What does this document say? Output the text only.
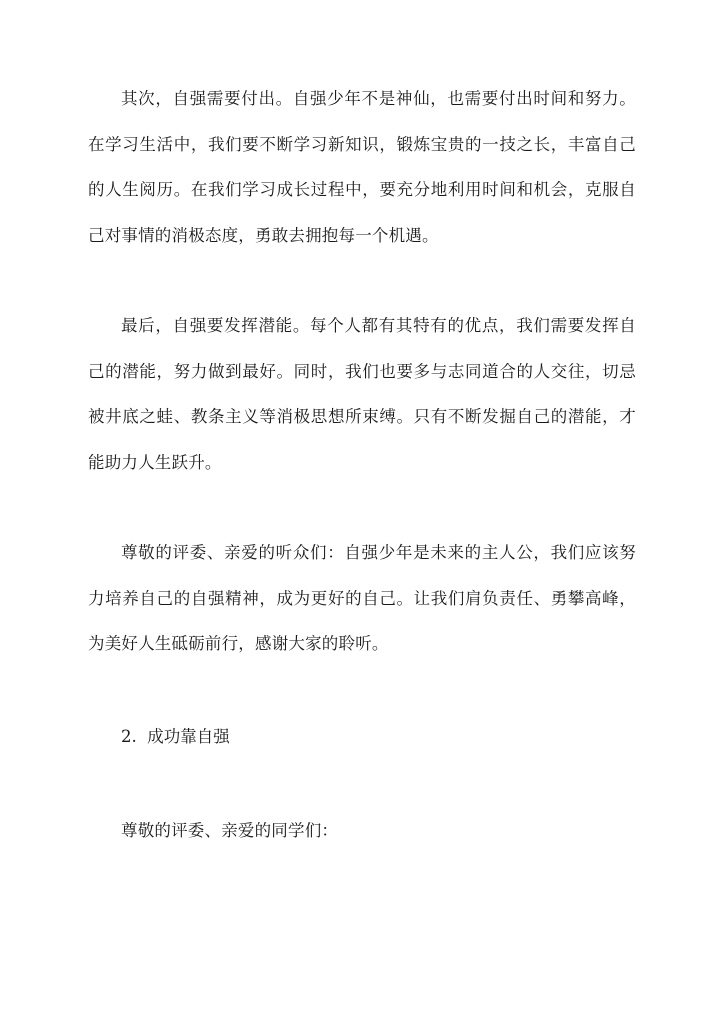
其次，自强需要付出。自强少年不是神仙，也需要付出时间和努力。在学习生活中，我们要不断学习新知识，锻炼宝贵的一技之长，丰富自己的人生阅历。在我们学习成长过程中，要充分地利用时间和机会，克服自己对事情的消极态度，勇敢去拥抱每一个机遇。

最后，自强要发挥潜能。每个人都有其特有的优点，我们需要发挥自己的潜能，努力做到最好。同时，我们也要多与志同道合的人交往，切忌被井底之蛙、教条主义等消极思想所束缚。只有不断发掘自己的潜能，才能助力人生跃升。

尊敬的评委、亲爱的听众们：自强少年是未来的主人公，我们应该努力培养自己的自强精神，成为更好的自己。让我们肩负责任、勇攀高峰，为美好人生砥砺前行，感谢大家的聆听。

2.  成功靠自强

尊敬的评委、亲爱的同学们：
